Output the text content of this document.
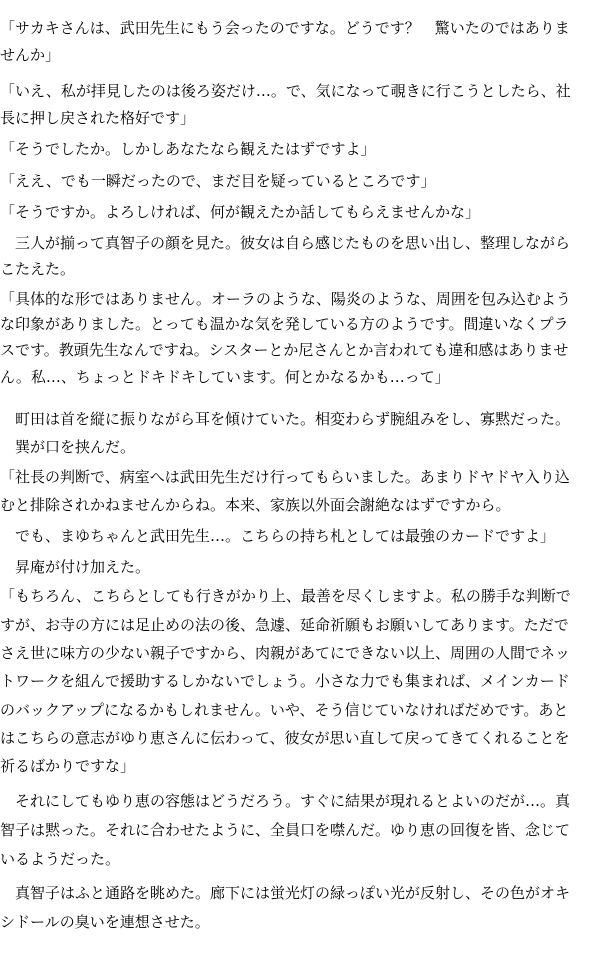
「サカキさんは、武田先生にもう会ったのですな。どうです？　驚いたのではありま
せんか」
「いえ、私が拝見したのは後ろ姿だけ…。で、気になって覗きに行こうとしたら、社
長に押し戻された格好です」
「そうでしたか。しかしあなたなら観えたはずですよ」
「ええ、でも一瞬だったので、まだ目を疑っているところです」
「そうですか。よろしければ、何が観えたか話してもらえませんかな」
　三人が揃って真智子の顔を見た。彼女は自ら感じたものを思い出し、整理しながら
こたえた。
「具体的な形ではありません。オーラのような、陽炎のような、周囲を包み込むよう
な印象がありました。とっても温かな気を発している方のようです。間違いなくプラ
スです。教頭先生なんですね。シスターとか尼さんとか言われても違和感はありませ
ん。私…、ちょっとドキドキしています。何とかなるかも…って」
　町田は首を縦に振りながら耳を傾けていた。相変わらず腕組みをし、寡黙だった。
　巽が口を挟んだ。
「社長の判断で、病室へは武田先生だけ行ってもらいました。あまりドヤドヤ入り込
むと排除されかねませんからね。本来、家族以外面会謝絶なはずですから。
　でも、まゆちゃんと武田先生…。こちらの持ち札としては最強のカードですよ」
　昇庵が付け加えた。
「もちろん、こちらとしても行きがかり上、最善を尽くしますよ。私の勝手な判断で
すが、お寺の方には足止めの法の後、急遽、延命祈願もお願いしてあります。ただで
さえ世に味方の少ない親子ですから、肉親があてにできない以上、周囲の人間でネッ
トワークを組んで援助するしかないでしょう。小さな力でも集まれば、メインカード
のバックアップになるかもしれません。いや、そう信じていなければだめです。あと
はこちらの意志がゆり恵さんに伝わって、彼女が思い直して戻ってきてくれることを
祈るばかりですな」
　それにしてもゆり恵の容態はどうだろう。すぐに結果が現れるとよいのだが…。真
智子は黙った。それに合わせたように、全員口を噤んだ。ゆり恵の回復を皆、念じて
いるようだった。
　真智子はふと通路を眺めた。廊下には蛍光灯の緑っぽい光が反射し、その色がオキ
シドールの臭いを連想させた。
